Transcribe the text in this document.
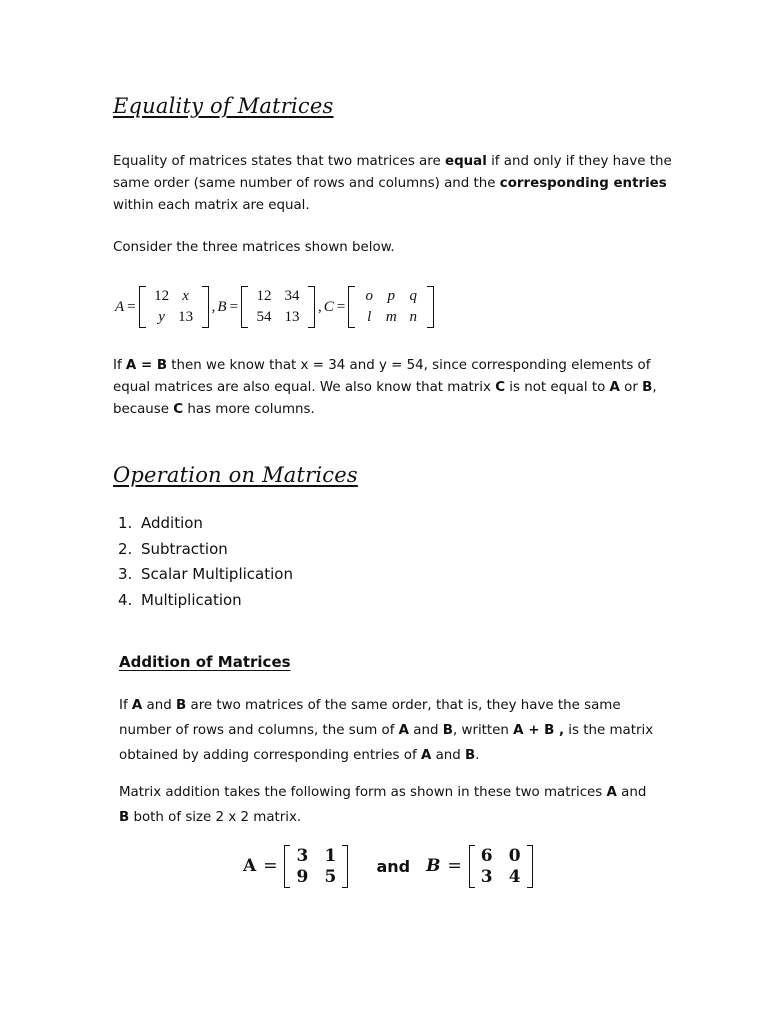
Equality of Matrices

Equality of matrices states that two matrices are equal if and only if they have the same order (same number of rows and columns) and the corresponding entries within each matrix are equal.

Consider the three matrices shown below.

A =
12 x
y 13
, B =
12 34
54 13
, C =
o p q
l m n

If A = B then we know that x = 34 and y = 54, since corresponding elements of equal matrices are also equal. We also know that matrix C is not equal to A or B, because C has more columns.

Operation on Matrices
1. Addition
2. Subtraction
3. Scalar Multiplication
4. Multiplication
Addition of Matrices

If A and B are two matrices of the same order, that is, they have the same number of rows and columns, the sum of A and B, written A + B , is the matrix obtained by adding corresponding entries of A and B.

Matrix addition takes the following form as shown in these two matrices A and B both of size 2 x 2 matrix.

A =
3 1
9 5
and B =
6 0
3 4
